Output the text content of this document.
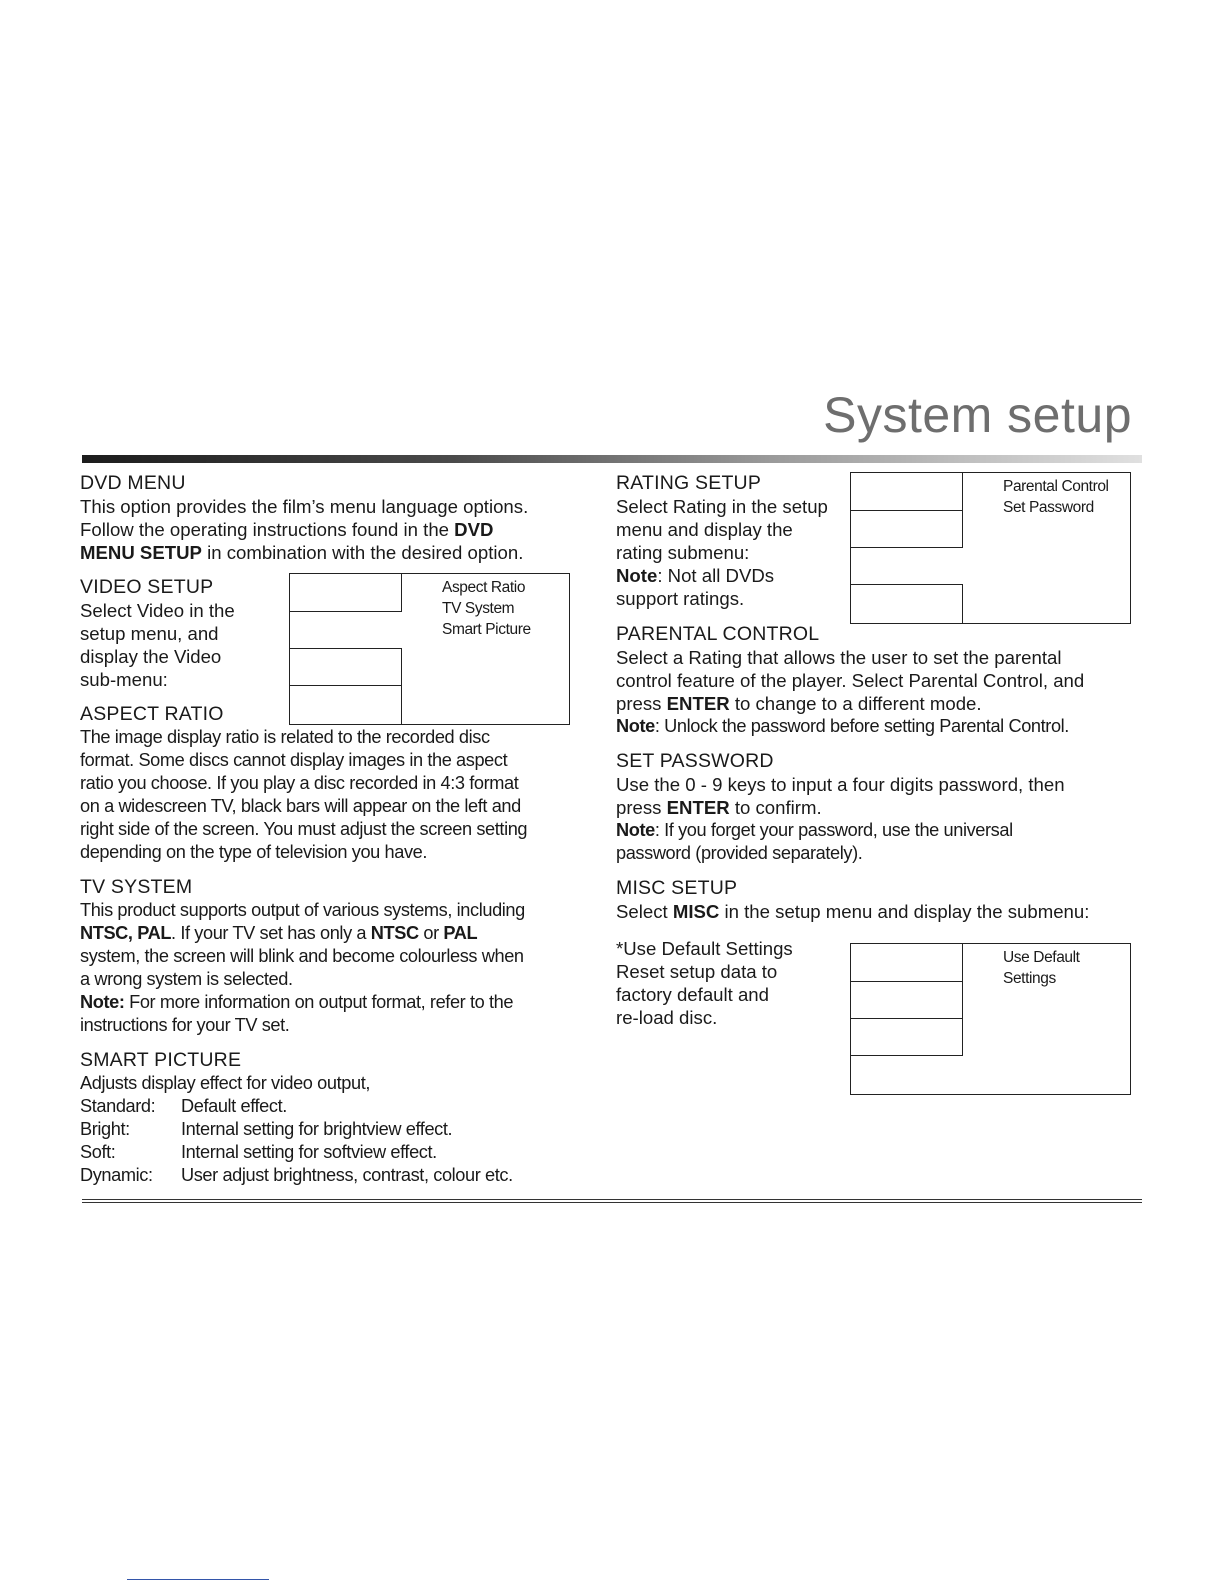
System setup

DVD MENU

This option provides the film’s menu language options.

Follow the operating instructions found in the DVD

MENU SETUP in combination with the desired option.

VIDEO SETUP

Select Video in the

setup menu, and

display the Video

sub-menu:

Aspect Ratio
TV System
Smart Picture

ASPECT RATIO

The image display ratio is related to the recorded disc

format. Some discs cannot display images in the aspect

ratio you choose. If you play a disc recorded in 4:3 format

on a widescreen TV, black bars will appear on the left and

right side of the screen. You must adjust the screen setting

depending on the type of television you have.

TV SYSTEM

This product supports output of various systems, including

NTSC, PAL. If your TV set has only a NTSC or PAL

system, the screen will blink and become colourless when

a wrong system is selected.

Note: For more information on output format, refer to the

instructions for your TV set.

SMART PICTURE

Adjusts display effect for video output,

Standard:	Default effect.
Bright:	Internal setting for brightview effect.
Soft:	Internal setting for softview effect.
Dynamic:	User adjust brightness, contrast, colour etc.

RATING SETUP

Select Rating in the setup

menu and display the

rating submenu:

Note: Not all DVDs

support ratings.

Parental Control
Set Password

PARENTAL CONTROL

Select a Rating that allows the user to set the parental

control feature of the player. Select Parental Control, and

press ENTER to change to a different mode.

Note: Unlock the password before setting Parental Control.

SET PASSWORD

Use the 0 - 9 keys to input a four digits password, then

press ENTER to confirm.

Note: If you forget your password, use the universal

password (provided separately).

MISC SETUP

Select MISC in the setup menu and display the submenu:

*Use Default Settings

Reset setup data to

factory default and

re-load disc.

Use Default
Settings
